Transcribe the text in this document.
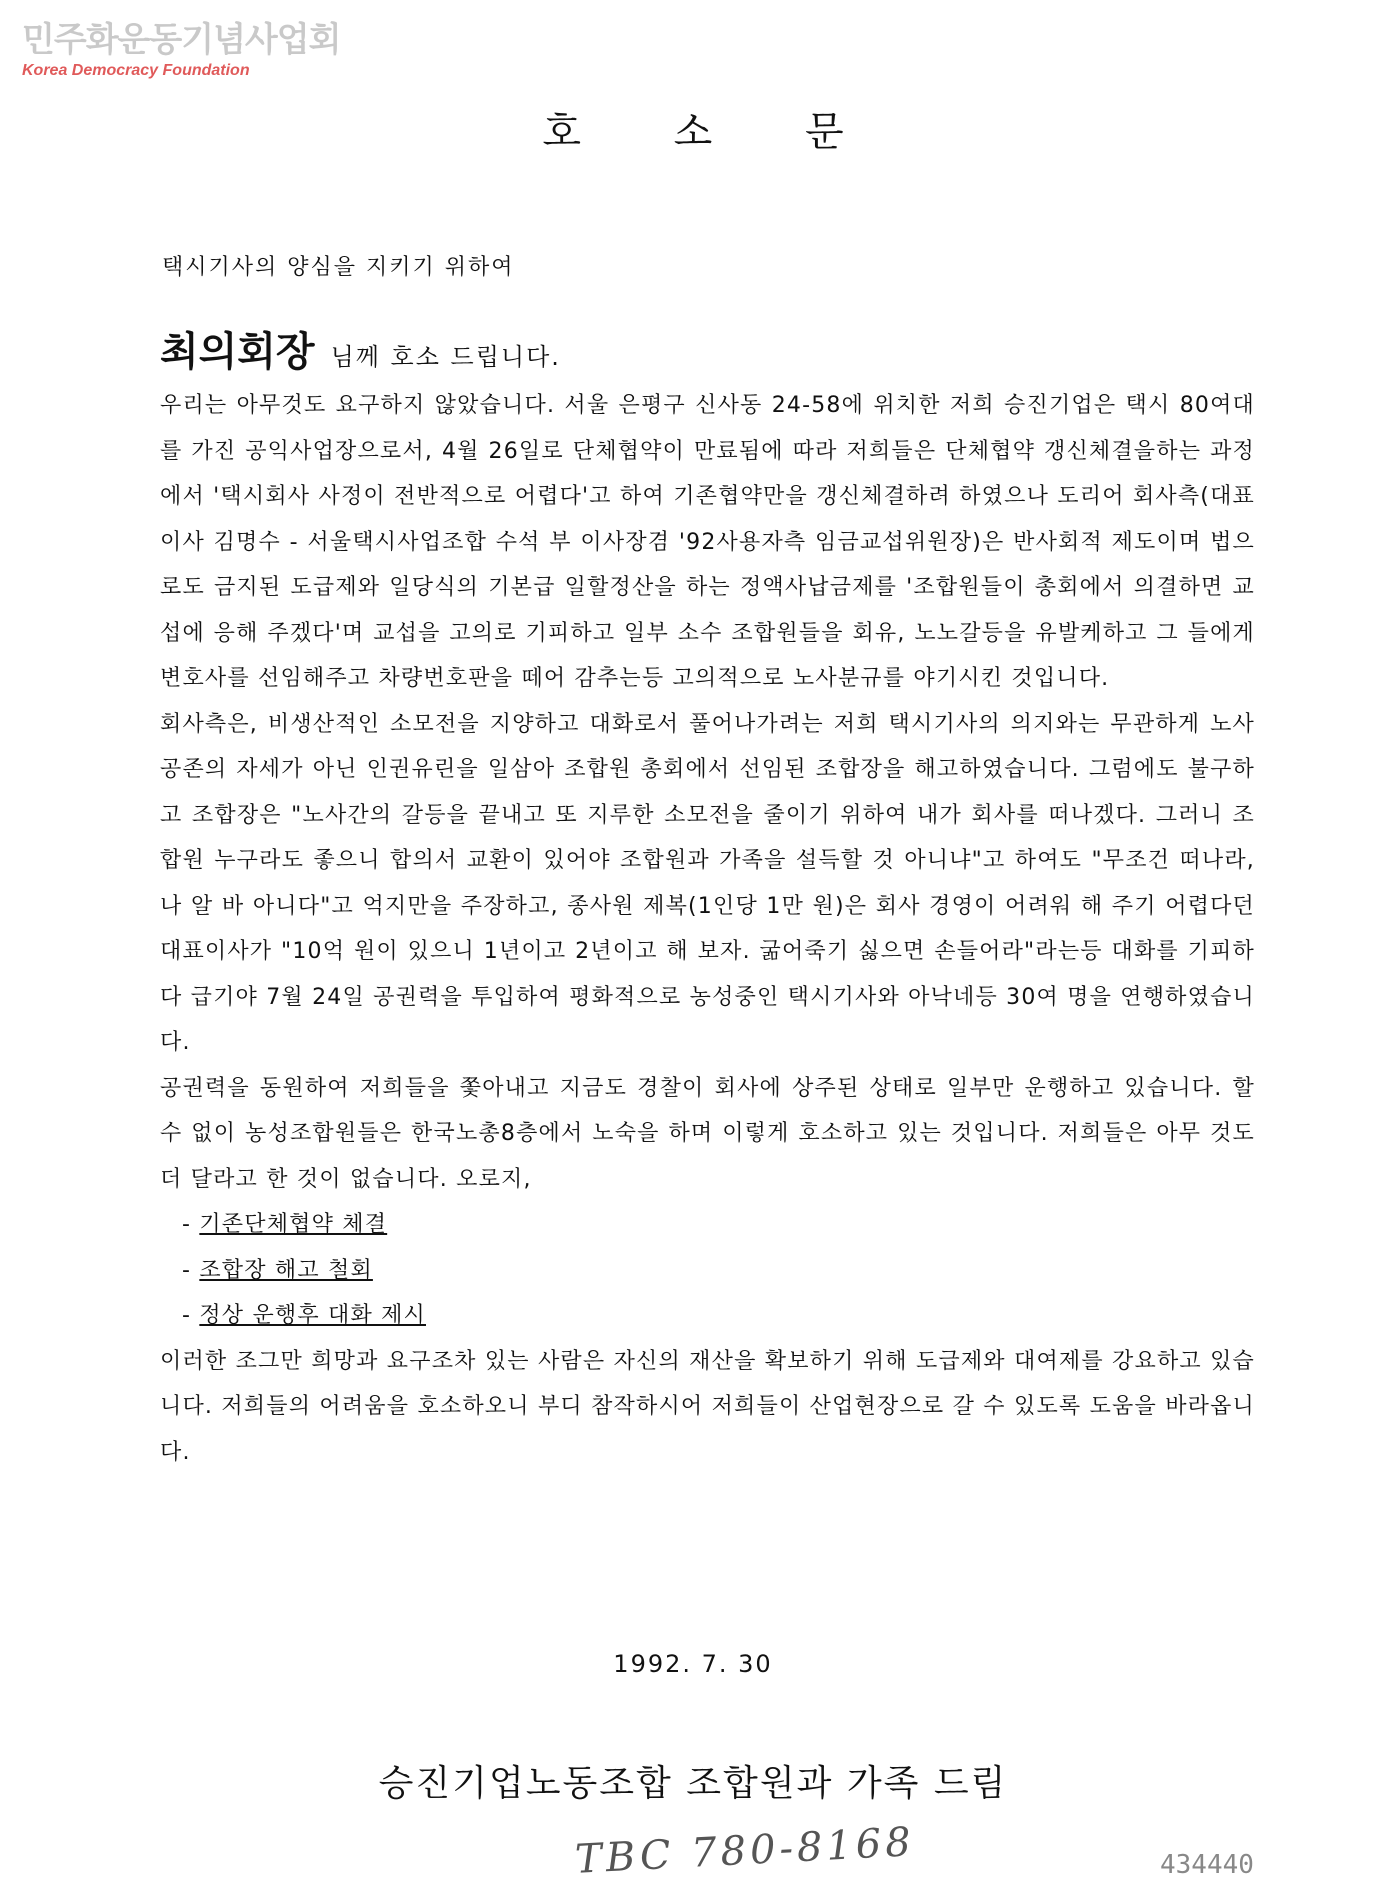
민주화운동기념사업회
Korea Democracy Foundation
호 소 문
택시기사의 양심을 지키기 위하여
최의회장 님께 호소 드립니다.

우리는 아무것도 요구하지 않았습니다. 서울 은평구 신사동 24-58에 위치한 저희 승진기업은 택시 80여대를 가진 공익사업장으로서, 4월 26일로 단체협약이 만료됨에 따라 저희들은 단체협약 갱신체결을하는 과정에서 '택시회사 사정이 전반적으로 어렵다'고 하여 기존협약만을 갱신체결하려 하였으나 도리어 회사측(대표이사 김명수 - 서울택시사업조합 수석 부 이사장겸 '92사용자측 임금교섭위원장)은 반사회적 제도이며 법으로도 금지된 도급제와 일당식의 기본급 일할정산을 하는 정액사납금제를 '조합원들이 총회에서 의결하면 교섭에 응해 주겠다'며 교섭을 고의로 기피하고 일부 소수 조합원들을 회유, 노노갈등을 유발케하고 그 들에게 변호사를 선임해주고 차량번호판을 떼어 감추는등 고의적으로 노사분규를 야기시킨 것입니다.

회사측은, 비생산적인 소모전을 지양하고 대화로서 풀어나가려는 저희 택시기사의 의지와는 무관하게 노사공존의 자세가 아닌 인권유린을 일삼아 조합원 총회에서 선임된 조합장을 해고하였습니다. 그럼에도 불구하고 조합장은 "노사간의 갈등을 끝내고 또 지루한 소모전을 줄이기 위하여 내가 회사를 떠나겠다. 그러니 조합원 누구라도 좋으니 합의서 교환이 있어야 조합원과 가족을 설득할 것 아니냐"고 하여도 "무조건 떠나라, 나 알 바 아니다"고 억지만을 주장하고, 종사원 제복(1인당 1만 원)은 회사 경영이 어려워 해 주기 어렵다던 대표이사가 "10억 원이 있으니 1년이고 2년이고 해 보자. 굶어죽기 싫으면 손들어라"라는등 대화를 기피하다 급기야 7월 24일 공권력을 투입하여 평화적으로 농성중인 택시기사와 아낙네등 30여 명을 연행하였습니다.

공권력을 동원하여 저희들을 쫓아내고 지금도 경찰이 회사에 상주된 상태로 일부만 운행하고 있습니다. 할 수 없이 농성조합원들은 한국노총8층에서 노숙을 하며 이렇게 호소하고 있는 것입니다. 저희들은 아무 것도 더 달라고 한 것이 없습니다. 오로지,

- 기존단체협약 체결
- 조합장 해고 철회
- 정상 운행후 대화 제시

이러한 조그만 희망과 요구조차 있는 사람은 자신의 재산을 확보하기 위해 도급제와 대여제를 강요하고 있습니다. 저희들의 어려움을 호소하오니 부디 참작하시어 저희들이 산업현장으로 갈 수 있도록 도움을 바라옵니다.

1992. 7. 30
승진기업노동조합 조합원과 가족 드림
TBC 780-8168	434440
